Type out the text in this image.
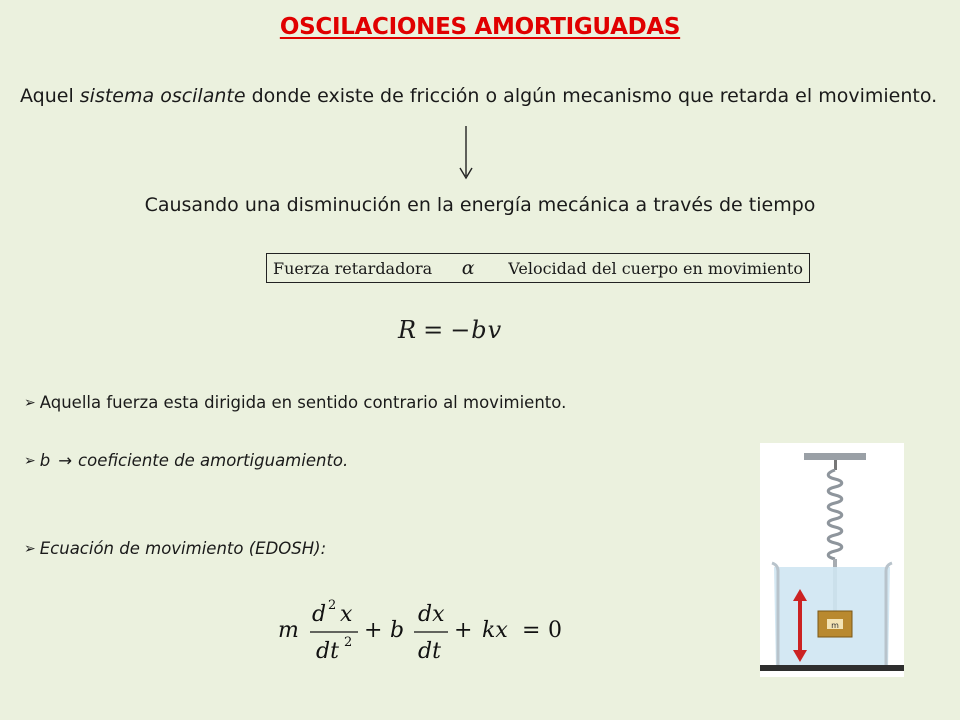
OSCILACIONES AMORTIGUADAS
Aquel sistema oscilante donde existe de fricción o algún mecanismo que retarda el movimiento.
Causando una disminución en la energía mecánica a través de tiempo
Fuerza retardadora α Velocidad del cuerpo en movimiento
R = −bv
➢ Aquella fuerza esta dirigida en sentido contrario al movimiento.
➢ b → coeficiente de amortiguamiento.
➢ Ecuación de movimiento (EDOSH):
m
d 2 x
dt 2 + b
dx
dt
+ kx = 0	m
